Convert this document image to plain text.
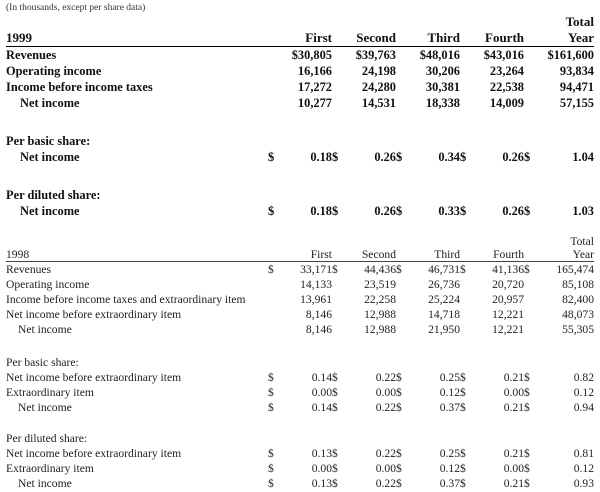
(In thousands, except per share data)
1999	First		Second		Third		Fourth		Total
Year	
Revenues	$30,805		$39,763		$48,016		$43,016		$161,600	
Operating income	16,166		24,198		30,206		23,264		93,834	
Income before income taxes	17,272		24,280		30,381		22,538		94,471	
Net income	10,277		14,531		18,338		14,009		57,155	

Per basic share:										
Net income	$	0.18	$	0.26	$	0.34	$	0.26	$	1.04

Per diluted share:										
Net income	$	0.18	$	0.26	$	0.33	$	0.26	$	1.03
1998	First		Second		Third		Fourth		Total
Year	
Revenues	$	33,171	$	44,436	$	46,731	$	41,136	$	165,474
Operating income	14,133		23,519		26,736		20,720		85,108	
Income before income taxes and extraordinary item	13,961		22,258		25,224		20,957		82,400	
Net income before extraordinary item	8,146		12,988		14,718		12,221		48,073	
Net income	8,146		12,988		21,950		12,221		55,305	

Per basic share:										
Net income before extraordinary item	$	0.14	$	0.22	$	0.25	$	0.21	$	0.82
Extraordinary item	$	0.00	$	0.00	$	0.12	$	0.00	$	0.12
Net income	$	0.14	$	0.22	$	0.37	$	0.21	$	0.94

Per diluted share:										
Net income before extraordinary item	$	0.13	$	0.22	$	0.25	$	0.21	$	0.81
Extraordinary item	$	0.00	$	0.00	$	0.12	$	0.00	$	0.12
Net income	$	0.13	$	0.22	$	0.37	$	0.21	$	0.93
